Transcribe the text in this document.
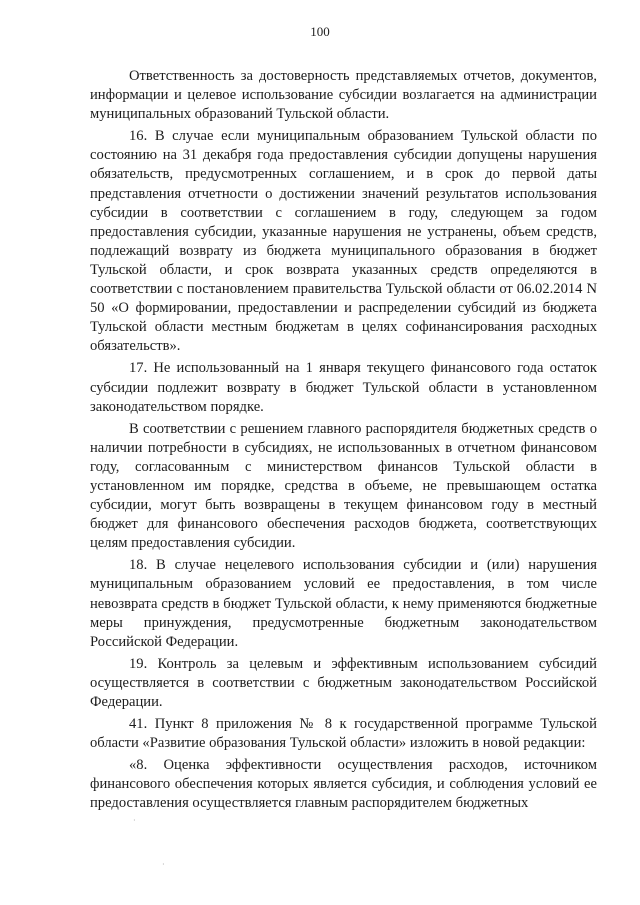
100

Ответственность за достоверность представляемых отчетов, документов, информации и целевое использование субсидии возлагается на администрации муниципальных образований Тульской области.

16. В случае если муниципальным образованием Тульской области по состоянию на 31 декабря года предоставления субсидии допущены нарушения обязательств, предусмотренных соглашением, и в срок до первой даты представления отчетности о достижении значений результатов использования субсидии в соответствии с соглашением в году, следующем за годом предоставления субсидии, указанные нарушения не устранены, объем средств, подлежащий возврату из бюджета муниципального образования в бюджет Тульской области, и срок возврата указанных средств определяются в соответствии с постановлением правительства Тульской области от 06.02.2014 N 50 «О формировании, предоставлении и распределении субсидий из бюджета Тульской области местным бюджетам в целях софинансирования расходных обязательств».

17. Не использованный на 1 января текущего финансового года остаток субсидии подлежит возврату в бюджет Тульской области в установленном законодательством порядке.

В соответствии с решением главного распорядителя бюджетных средств о наличии потребности в субсидиях, не использованных в отчетном финансовом году, согласованным с министерством финансов Тульской области в установленном им порядке, средства в объеме, не превышающем остатка субсидии, могут быть возвращены в текущем финансовом году в местный бюджет для финансового обеспечения расходов бюджета, соответствующих целям предоставления субсидии.

18. В случае нецелевого использования субсидии и (или) нарушения муниципальным образованием условий ее предоставления, в том числе невозврата средств в бюджет Тульской области, к нему применяются бюджетные меры принуждения, предусмотренные бюджетным законодательством Российской Федерации.

19. Контроль за целевым и эффективным использованием субсидий осуществляется в соответствии с бюджетным законодательством Российской Федерации.

41. Пункт 8 приложения № 8 к государственной программе Тульской области «Развитие образования Тульской области» изложить в новой редакции:

«8. Оценка эффективности осуществления расходов, источником финансового обеспечения которых является субсидия, и соблюдения условий ее предоставления осуществляется главным распорядителем бюджетных

·
·
